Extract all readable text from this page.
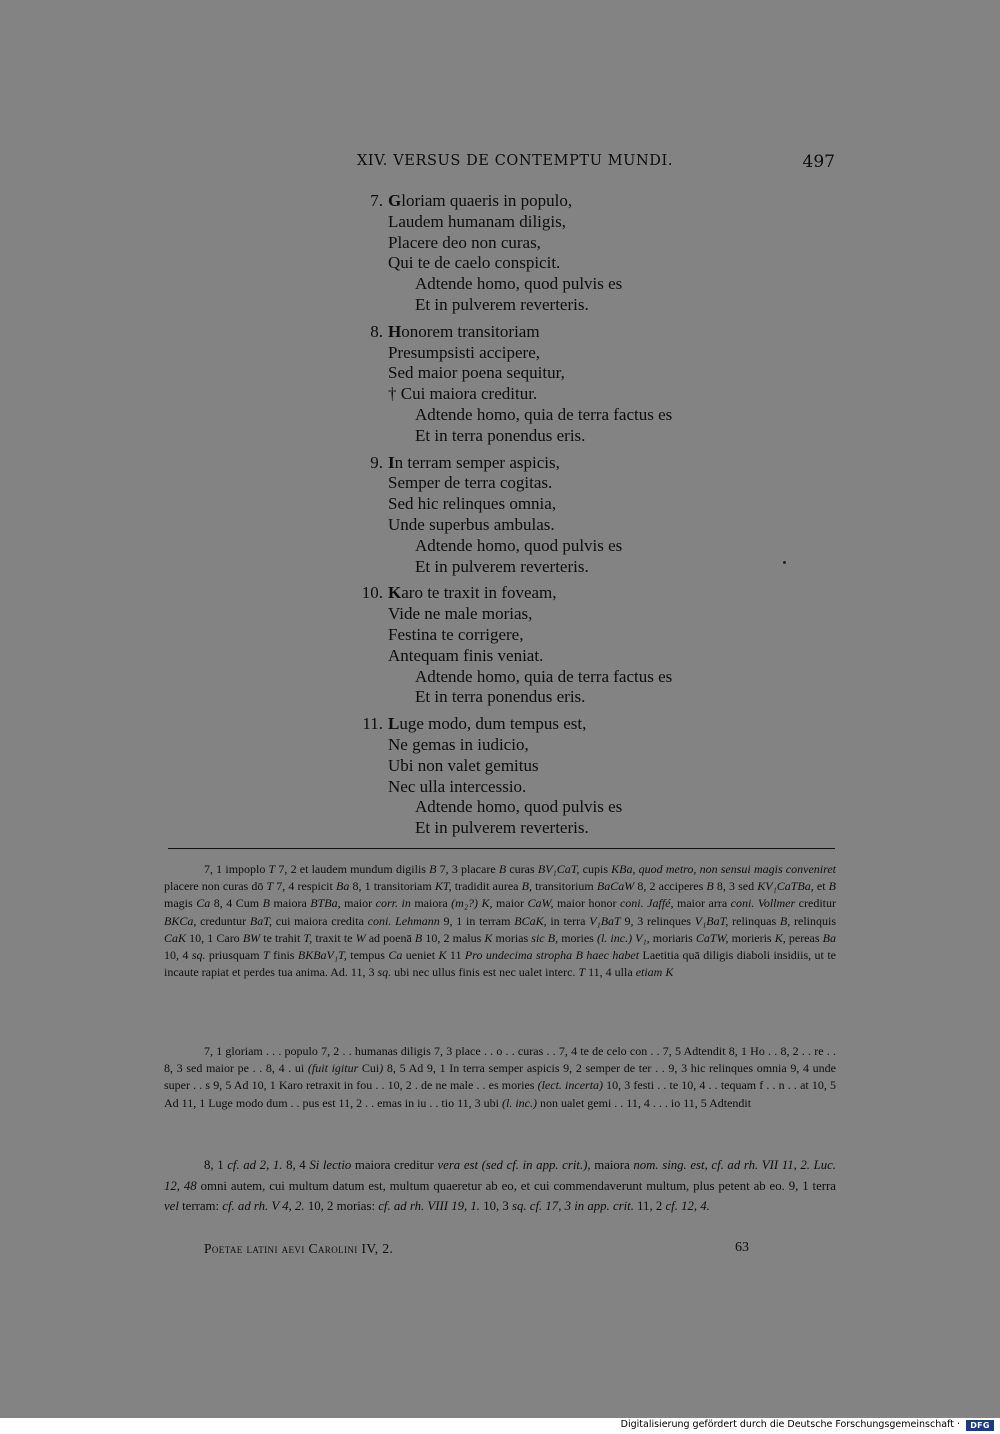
XIV. VERSUS DE CONTEMPTU MUNDI.	497
7. Gloriam quaeris in populo,
Laudem humanam diligis,
Placere deo non curas,
Qui te de caelo conspicit.
Adtende homo, quod pulvis es
Et in pulverem reverteris.
8. Honorem transitoriam
Presumpsisti accipere,
Sed maior poena sequitur,
† Cui maiora creditur.
Adtende homo, quia de terra factus es
Et in terra ponendus eris.
9. In terram semper aspicis,
Semper de terra cogitas.
Sed hic relinques omnia,
Unde superbus ambulas.
Adtende homo, quod pulvis es
Et in pulverem reverteris.
10. Karo te traxit in foveam,
Vide ne male morias,
Festina te corrigere,
Antequam finis veniat.
Adtende homo, quia de terra factus es
Et in terra ponendus eris.
11. Luge modo, dum tempus est,
Ne gemas in iudicio,
Ubi non valet gemitus
Nec ulla intercessio.
Adtende homo, quod pulvis es
Et in pulverem reverteris.

7, 1 impoplo T 7, 2 et laudem mundum digilis B 7, 3 placare B curas BV₁CaT, cupis KBa, quod metro, non sensui magis conveniret placere non curas dō T 7, 4 respicit Ba 8, 1 transitoriam KT, tradidit aurea B, transitorium BaCaW 8, 2 acciperes B 8, 3 sed KV₁CaTBa, et B magis Ca 8, 4 Cum B maiora BTBa, maior corr. in maiora (m₂?) K, maior CaW, maior honor coni. Jaffé, maior arra coni. Vollmer creditur BKCa, creduntur BaT, cui maiora credita coni. Lehmann 9, 1 in terram BCaK, in terra V₁BaT 9, 3 relinques V₁BaT, relinquas B, relinquis CaK 10, 1 Caro BW te trahit T, traxit te W ad poenā B 10, 2 malus K morias sic B, mories (l. inc.) V₁, moriaris CaTW, morieris K, pereas Ba 10, 4 sq. priusquam T finis BKBaV₁T, tempus Ca ueniet K 11 Pro undecima stropha B haec habet Laetitia quā diligis diaboli insidiis, ut te incaute rapiat et perdes tua anima. Ad. 11, 3 sq. ubi nec ullus finis est nec ualet interc. T 11, 4 ulla etiam K

7, 1 gloriam . . . populo 7, 2 . . humanas diligis 7, 3 place . . o . . curas . . 7, 4 te de celo con . . 7, 5 Adtendit 8, 1 Ho . . 8, 2 . . re . . 8, 3 sed maior pe . . 8, 4 . ui (fuit igitur Cui) 8, 5 Ad 9, 1 In terra semper aspicis 9, 2 semper de ter . . 9, 3 hic relinques omnia 9, 4 unde super . . s 9, 5 Ad 10, 1 Karo retraxit in fou . . 10, 2 . de ne male . . es mories (lect. incerta) 10, 3 festi . . te 10, 4 . . tequam f . . n . . at 10, 5 Ad 11, 1 Luge modo dum . . pus est 11, 2 . . emas in iu . . tio 11, 3 ubi (l. inc.) non ualet gemi . . 11, 4 . . . io 11, 5 Adtendit

8, 1 cf. ad 2, 1. 8, 4 Si lectio maiora creditur vera est (sed cf. in app. crit.), maiora nom. sing. est, cf. ad rh. VII 11, 2. Luc. 12, 48 omni autem, cui multum datum est, multum quaeretur ab eo, et cui commendaverunt multum, plus petent ab eo. 9, 1 terra vel terram: cf. ad rh. V 4, 2. 10, 2 morias: cf. ad rh. VIII 19, 1. 10, 3 sq. cf. 17, 3 in app. crit. 11, 2 cf. 12, 4.

Poetae latini aevi Carolini IV, 2.	63
Digitalisierung gefördert durch die Deutsche Forschungsgemeinschaft ·	DFG
